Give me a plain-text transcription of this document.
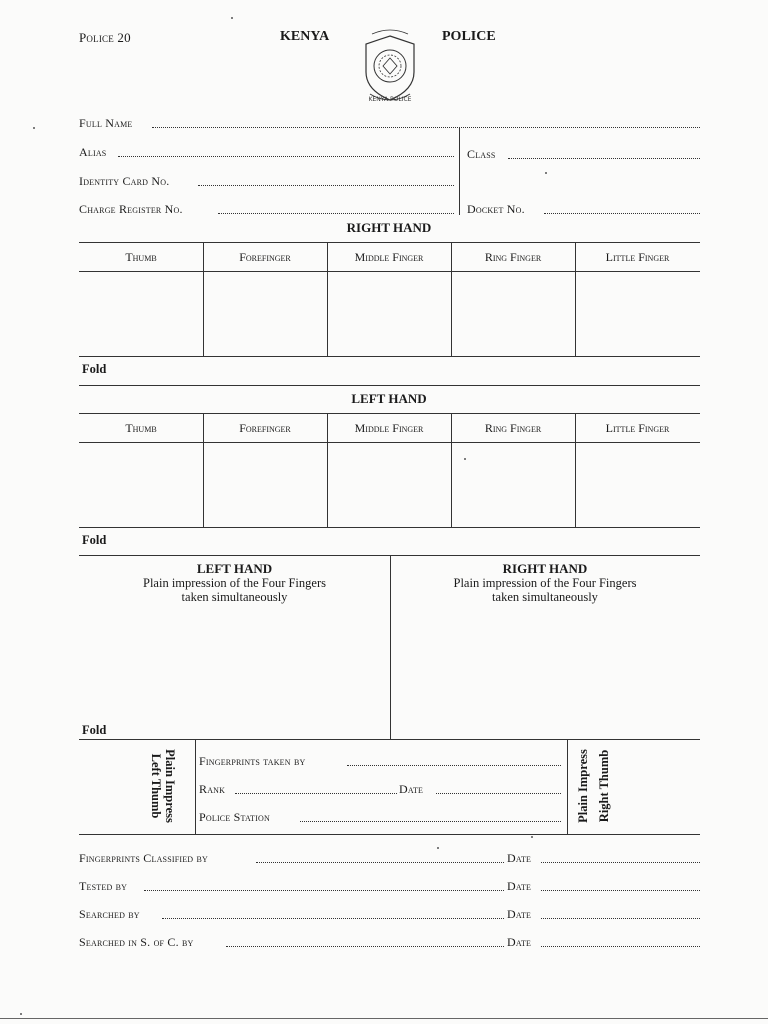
Police 20	KENYA	POLICE
KENYA POLICE
Full Name
Alias	Class
Identity Card No.
Charge Register No.	Docket No.
RIGHT HAND
Thumb	Forefinger	Middle Finger	Ring Finger	Little Finger
Fold
LEFT HAND
Thumb	Forefinger	Middle Finger	Ring Finger	Little Finger
Fold
LEFT HAND
Plain impression of the Four Fingers
taken simultaneously
RIGHT HAND
Plain impression of the Four Fingers
taken simultaneously
Fold
Plain Impress
Left Thumb	Plain Impress Right Thumb
Fingerprints taken by
Rank	Date
Police Station
Fingerprints Classified by	Date
Tested by	Date
Searched by	Date
Searched in S. of C. by	Date
